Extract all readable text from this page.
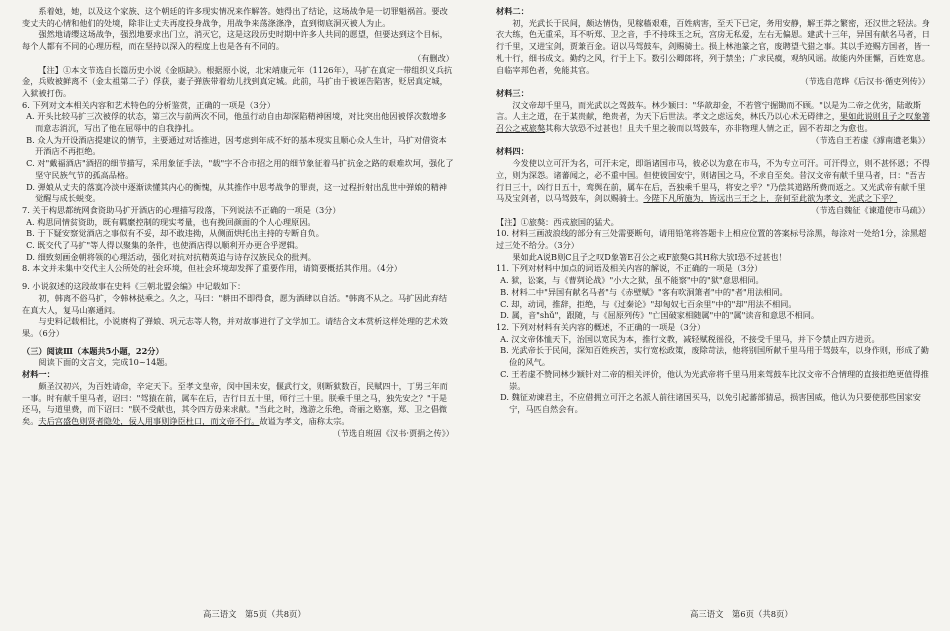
系着她，她，以及这个家族、这个朝廷的许多现实情况来作解答。她得出了结论，这场战争是一切罪魁祸首。要改变丈夫的心情和他们的处境，除非让丈夫再度投身战争，用战争来荡涤涤净，直到彻底洞灭被人为止。

强然地请缨这场战争，强烈地要求出门立，消灭它，这是这段历史时期中许多人共同的愿望，但要达到这个目标，每个人都有不同的心理历程，而在坚持以深入的程度上也是各有不同的。

（有删改）

【注】①本文节选自长篇历史小说《金瓯缺》。根据原小说，北宋靖康元年（1126年），马扩在真定一带组织义兵抗金，兵败被鲜离不（金太祖第二子）俘获，妻子弹族带着幼儿找到真定城。此前，马扩由于被诬告陷害，贬居真定城，入狱被打伤。

6. 下列对文本相关内容和艺术特色的分析鉴赏，正确的一项是（3分）

A. 开头比较马扩三次被俘的状态，第三次与前两次不同，他虽行动自由却深陷精神困境，对比突出他因被俘次数增多而意志消沉，写出了他在屈辱中的自我挣扎。

B. 众人为开设酒店提建议的情节，主要通过对话推进，因考虑到年成不好的基本现实且顺心众人生计，马扩对借资本开酒店不再拒绝。

C. 对"戴福酒店"酒招的细节描写，采用象征手法，"载"字不合市招之用的细节象征着马扩抗金之路的艰难坎坷，强化了坚守民族气节的孤高品格。

D. 弹娘从丈夫的落寞冷淡中逐渐读懂其内心的衡愧，从其推作中思考战争的罪责，这一过程折射出乱世中弹娘的精神觉醒与成长蜕变。

7. 关于构思都统网食资助马扩开酒店的心理描写段落，下列说法不正确的一项是（3分）

A. 构思同情贫资助，既有羁縻控制的现实考量，也有挽回颜面的个人心理原因。

B. 于下疑安察觉酒店之事似有不妥，却不敢违拗，从侧面烘托出主持的专断自负。

C. 既交代了马扩"等人得以聚集的条件，也使酒店得以顺利开办更合乎逻辑。

D. 细致刻画金朝将领的心理活动，强化对抗对抗精英追与诗存汉族民众的批判。

8. 本文并未集中交代主人公所处的社会环境，但社会环境却发挥了重要作用，请简要概括其作用。（4分）

9. 小说叙述的这段故事在史料《三朝北盟会编》中记载如下：

初，韩离不俗马扩，令韩林挞乘之。久之，马曰："耕田不即得食，愿为酒肆以自活。"韩离不从之。马扩因此弃结在真大人，复马山寨通问。

与史料记载相比，小说赓构了弹娘、巩元志等人物，并对故事进行了文学加工。请结合文本赏析这样处理的艺术效果。（6分）

（三）阅读Ⅲ（本题共5小题，22分）

阅读下面的文言文，完成10~14题。

材料一：

颇圣汉初兴，为百姓请命，辛定天下。至孝文皇帝，闵中国未安，偃武行文，则断狱数百，民赋四十，丁男三年而一事。时有献千里马者，诏曰："驾猿在前，属车在后，吉行日五十里，师行三十里。朕乘千里之马，独先安之？"于是还马，与道里费，而下诏曰："朕不受献也，其令四方毋来求献。"当此之时，逸游之乐绝，奇丽之赂塞，郑、卫之倡微矣。夫后宫盛色则贤者隐处，佞人用事则诤臣杜口，而文帝不行。故谥为孝文，庙称太宗。

（节选自班固《汉书·贾捐之传》）

材料二：

初，光武长于民间，颇达情伪，见稼穑艰难，百姓病害，至天下已定，务用安静，解王莽之繁密，还汉世之轻法。身衣大练，色无重采，耳不听郑、卫之音，手不持珠玉之玩，宫房无私爱，左右无偏恩。建武十三年，异国有献名马者，日行千里，又进宝剑，贾兼百金。诏以马驾鼓车，剑赐骑士。损上林池篆之官，废聘望弋猎之事。其以手迹赐方国者，皆一札十行，细书成文。勤约之风，行于上下。数引公卿郎将，列于禁坐；广求民瘼，观纳风谣。故能内外匪懈，百姓宽息。自临宰邦色者，免能其官。

（节选自范晔《后汉书·循吏列传》）

材料三：

汉文帝却千里马，而光武以之驾鼓车。林少颖曰："华歆却金，不若管宁掘锄而不顾。"以是为二帝之优劣，陆敢斯言。人主之道，在于某贵献，绝贵者，为天下后世法。孝文之虑远矣，林氏乃以心术无碍律之，果如此说则且子之叹象箸召公之戒旅獒其称大欤恐不过甚也！且夫千里之骏而以驾鼓车，亦非物理人情之正，固不若却之为愈也。

（节选自王若虚《滹南遗老集》）

材料四：

今发使以立可汗为名，可汗未定，即诣诸国市马，彼必以为意在市马，不为专立可汗。可汗得立，则不甚怀恩；不得立，则为深怨。诸蕃闻之，必不重中国。但使彼国安宁，则诸国之马，不求自至矣。昔汉文帝有献千里马者，曰："吾吉行日三十，凶行日五十，鸾舆在前，属车在后，吾独乘千里马，将安之乎？"乃偿其道路所费而返之。又光武帝有献千里马及宝剑者，以马驾鼓车，剑以赐骑士。今陛下凡所施为，皆远出三王之上，奈何至此欲为孝文、光武之下乎？

（节选自魏征《谏遣使市马疏》）

【注】①旅獒：西戎旅国的猛犬。

10. 材料三画波浪线的部分有三处需要断句，请用铅笔将答题卡上相应位置的答案标号涂黑，每涂对一处给1分，涂黑超过三处不给分。（3分）

果如此A说B则C且子之叹D象箸E召公之戒F旅獒G其H称大欤I恐不过甚也！

11. 下列对材料中加点的词语及相关内容的解说，不正确的一项是（3分）

A. 狱，讼案，与《曹刿论战》"小大之狱，虽不能察"中的"狱"意思相同。

B. 材料二中"异国有献名马者"与《赤壁赋》"客有吹洞箫者"中的"者"用法相同。

C. 却，动词，推辞，拒绝，与《过秦论》"却匈奴七百余里"中的"却"用法不相同。

D. 属，音"shǔ"，跟随，与《屈原列传》"亡国破家相随属"中的"属"读音和意思不相同。

12. 下列对材料有关内容的概述，不正确的一项是（3分）

A. 汉文帝体恤天下，治国以宽民为本，推行文教，减轻赋税徭役，不接受千里马，并下令禁止四方进贡。

B. 光武帝长于民间，深知百姓疾苦，实行宽松政策，废除苛法，他将别国所献千里马用于驾鼓车，以身作则，形成了勤俭的风气。

C. 王若虚不赞同林少颖针对二帝的相关评价，他认为光武帝将千里马用来驾鼓车比汉文帝不合情理的直接拒绝更值得推崇。

D. 魏征劝谏君主，不应借拥立可汗之名派人前往诸国买马，以免引起蕃部猜忌，损害国威，他认为只要使那些国家安宁，马匹自然会有。

高三语文　第5页（共8页）	高三语文　第6页（共8页）
